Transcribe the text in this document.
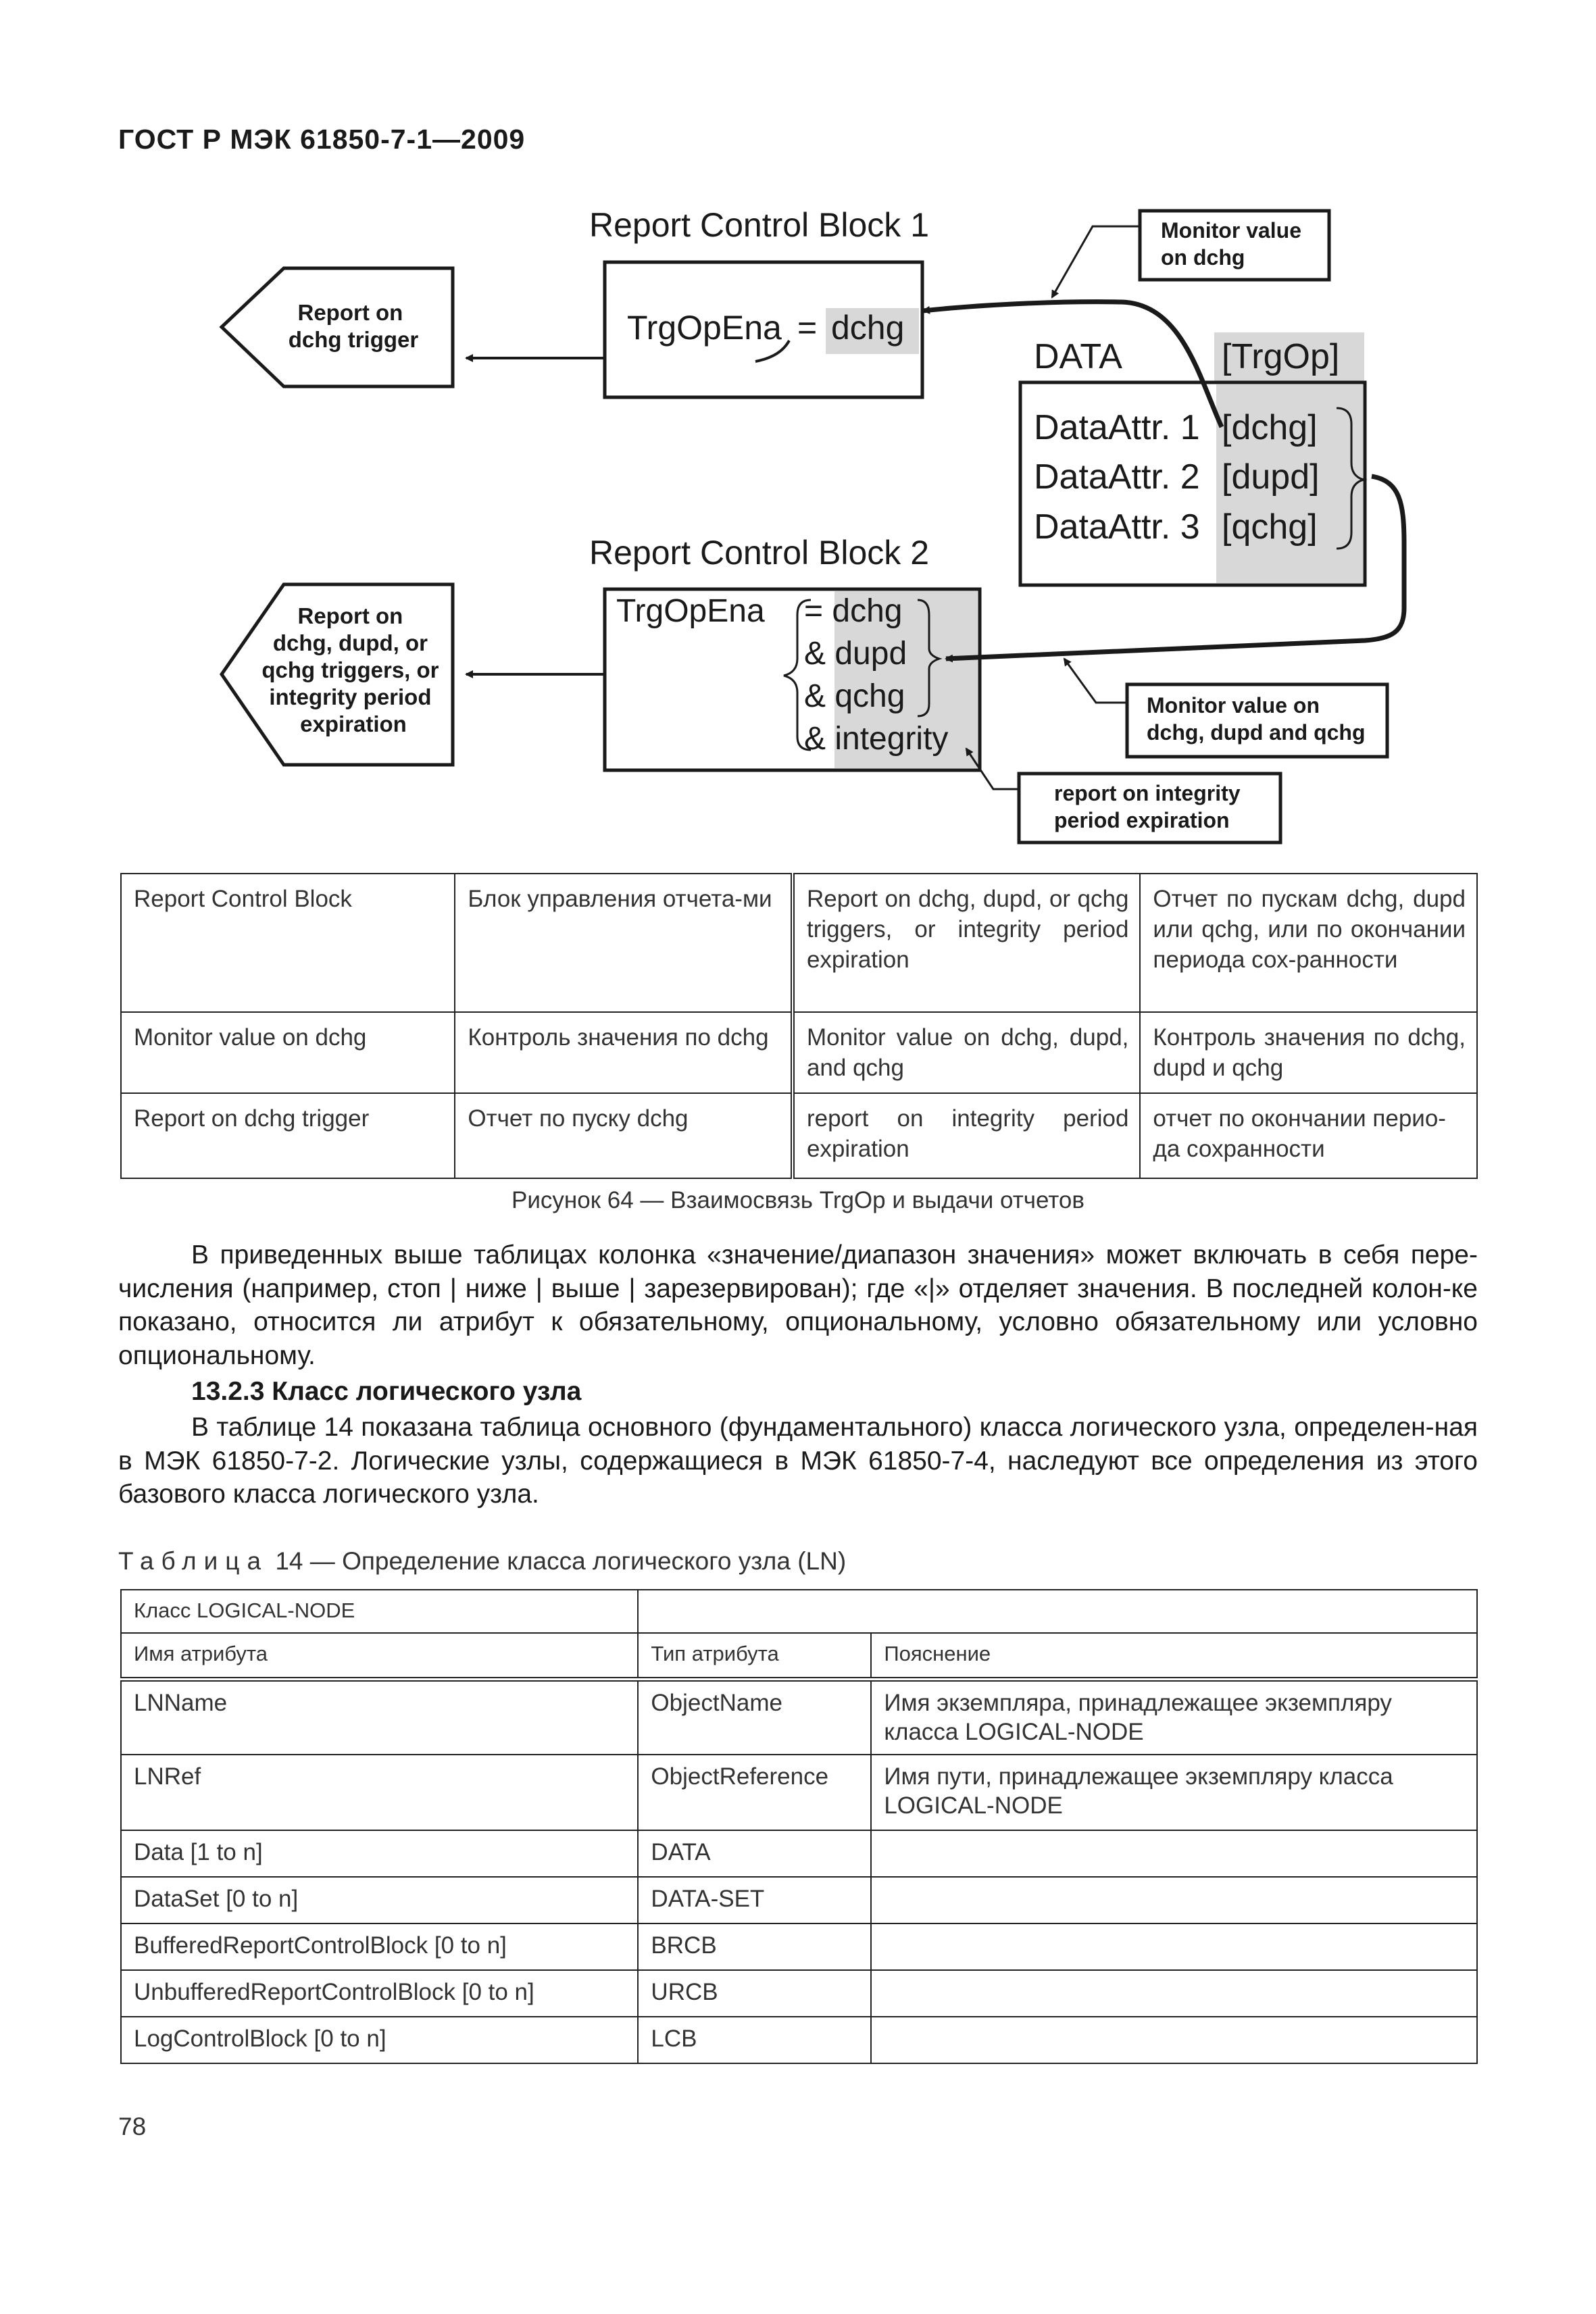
ГОСТ Р МЭК 61850-7-1—2009
Report Control Block 1
TrgOpEna = dchg
Report on dchg trigger
Monitor value on dchg
DATA	[TrgOp]
DataAttr. 1 DataAttr. 2 DataAttr. 3
[dchg] [dupd] [qchg]
Report Control Block 2
TrgOpEna = dchg & dupd & qchg & integrity
Report on dchg, dupd, or qchg triggers, or integrity period expiration
Monitor value on dchg, dupd and qchg
report on integrity period expiration
Report Control Block	Блок управления отчета-ми	Report on dchg, dupd, or qchg triggers, or integrity period expiration	Отчет по пускам dchg, dupd или qchg, или по окончании периода сох-ранности
Monitor value on dchg	Контроль значения по dchg	Monitor value on dchg, dupd, and qchg	Контроль значения по dchg, dupd и qchg
Report on dchg trigger	Отчет по пуску dchg	report on integrity period expiration	отчет по окончании перио-да сохранности
Рисунок 64 — Взаимосвязь TrgOp и выдачи отчетов
В приведенных выше таблицах колонка «значение/диапазон значения» может включать в себя пере-числения (например, стоп | ниже | выше | зарезервирован); где «|» отделяет значения. В последней колон-ке показано, относится ли атрибут к обязательному, опциональному, условно обязательному или условно опциональному.
13.2.3 Класс логического узла
В таблице 14 показана таблица основного (фундаментального) класса логического узла, определен-ная в МЭК 61850-7-2. Логические узлы, содержащиеся в МЭК 61850-7-4, наследуют все определения из этого базового класса логического узла.
Таблица 14 — Определение класса логического узла (LN)
Класс LOGICAL-NODE		
Имя атрибута	Тип атрибута	Пояснение
LNName	ObjectName	Имя экземпляра, принадлежащее экземпляру класса LOGICAL-NODE
LNRef	ObjectReference	Имя пути, принадлежащее экземпляру класса LOGICAL-NODE
Data [1 to n]	DATA	
DataSet [0 to n]	DATA-SET	
BufferedReportControlBlock [0 to n]	BRCB	
UnbufferedReportControlBlock [0 to n]	URCB	
LogControlBlock [0 to n]	LCB	
78
